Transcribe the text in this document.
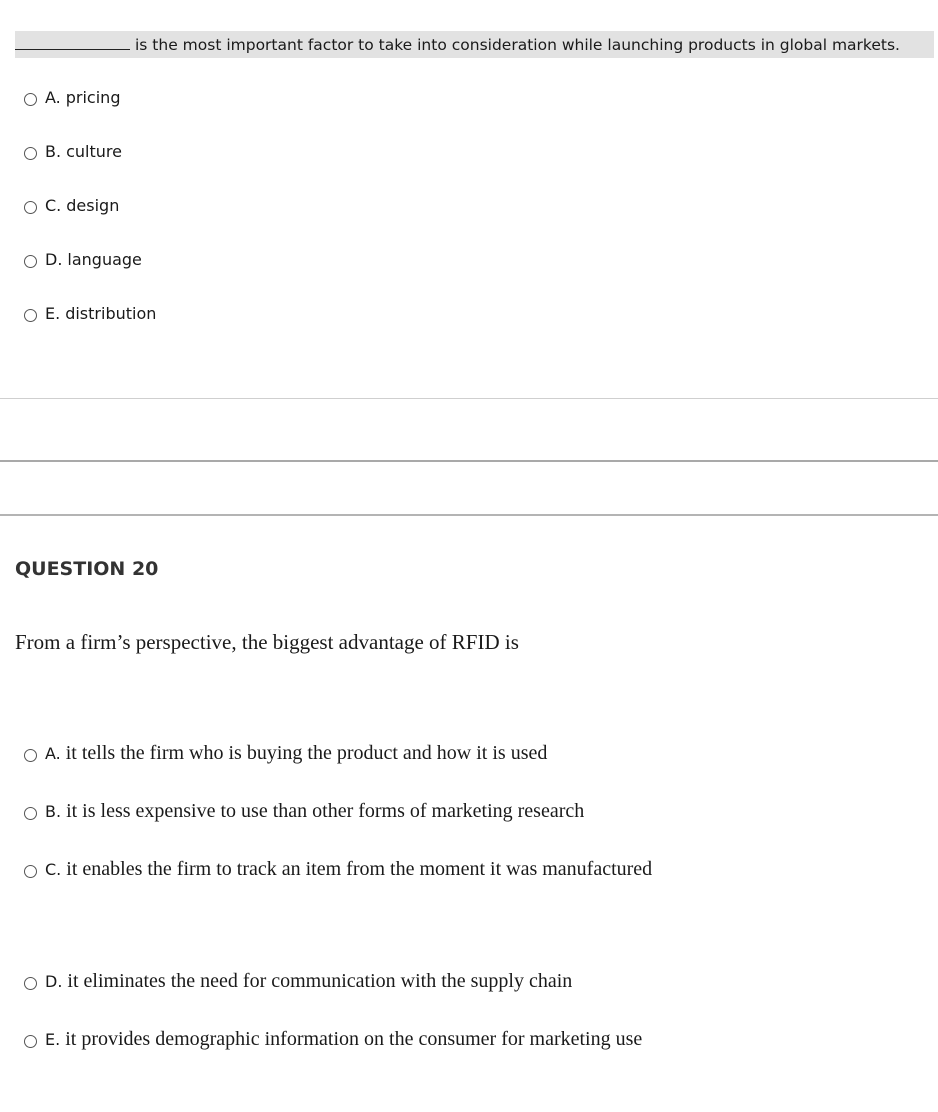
is the most important factor to take into consideration while launching products in global markets.
A. pricing
B. culture
C. design
D. language
E. distribution
QUESTION 20
From a firm’s perspective, the biggest advantage of RFID is
A. it tells the firm who is buying the product and how it is used
B. it is less expensive to use than other forms of marketing research
C. it enables the firm to track an item from the moment it was manufactured
D. it eliminates the need for communication with the supply chain
E. it provides demographic information on the consumer for marketing use
